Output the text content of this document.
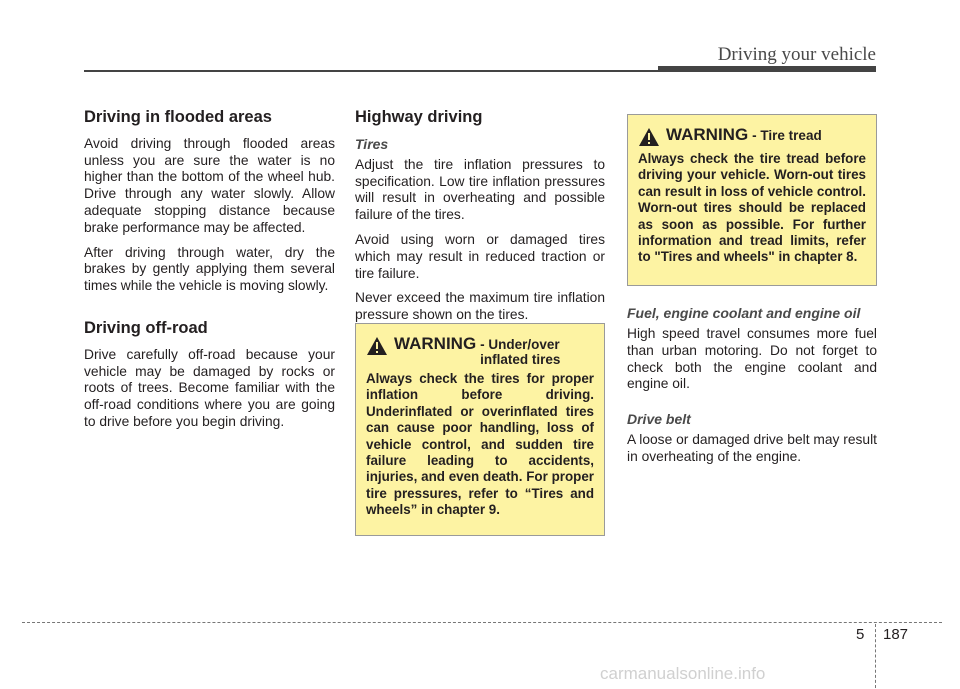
Driving your vehicle
Driving in flooded areas

Avoid driving through flooded areas unless you are sure the water is no higher than the bottom of the wheel hub. Drive through any water slowly. Allow adequate stopping distance because brake performance may be affected.

After driving through water, dry the brakes by gently applying them several times while the vehicle is moving slowly.

Driving off-road

Drive carefully off-road because your vehicle may be damaged by rocks or roots of trees. Become familiar with the off-road conditions where you are going to drive before you begin driving.

Highway driving
Tires

Adjust the tire inflation pressures to specification. Low tire inflation pressures will result in overheating and possible failure of the tires.

Avoid using worn or damaged tires which may result in reduced traction or tire failure.

Never exceed the maximum tire inflation pressure shown on the tires.

WARNING - Under/over inflated tires

Always check the tires for proper inflation before driving. Underinflated or overinflated tires can cause poor handling, loss of vehicle control, and sudden tire failure leading to accidents, injuries, and even death. For proper tire pressures, refer to “Tires and wheels” in chapter 9.

WARNING - Tire tread

Always check the tire tread before driving your vehicle. Worn-out tires can result in loss of vehicle control. Worn-out tires should be replaced as soon as possible. For further information and tread limits, refer to "Tires and wheels" in chapter 8.

Fuel, engine coolant and engine oil

High speed travel consumes more fuel than urban motoring. Do not forget to check both the engine coolant and engine oil.

Drive belt

A loose or damaged drive belt may result in overheating of the engine.

5 187
carmanualsonline.info
